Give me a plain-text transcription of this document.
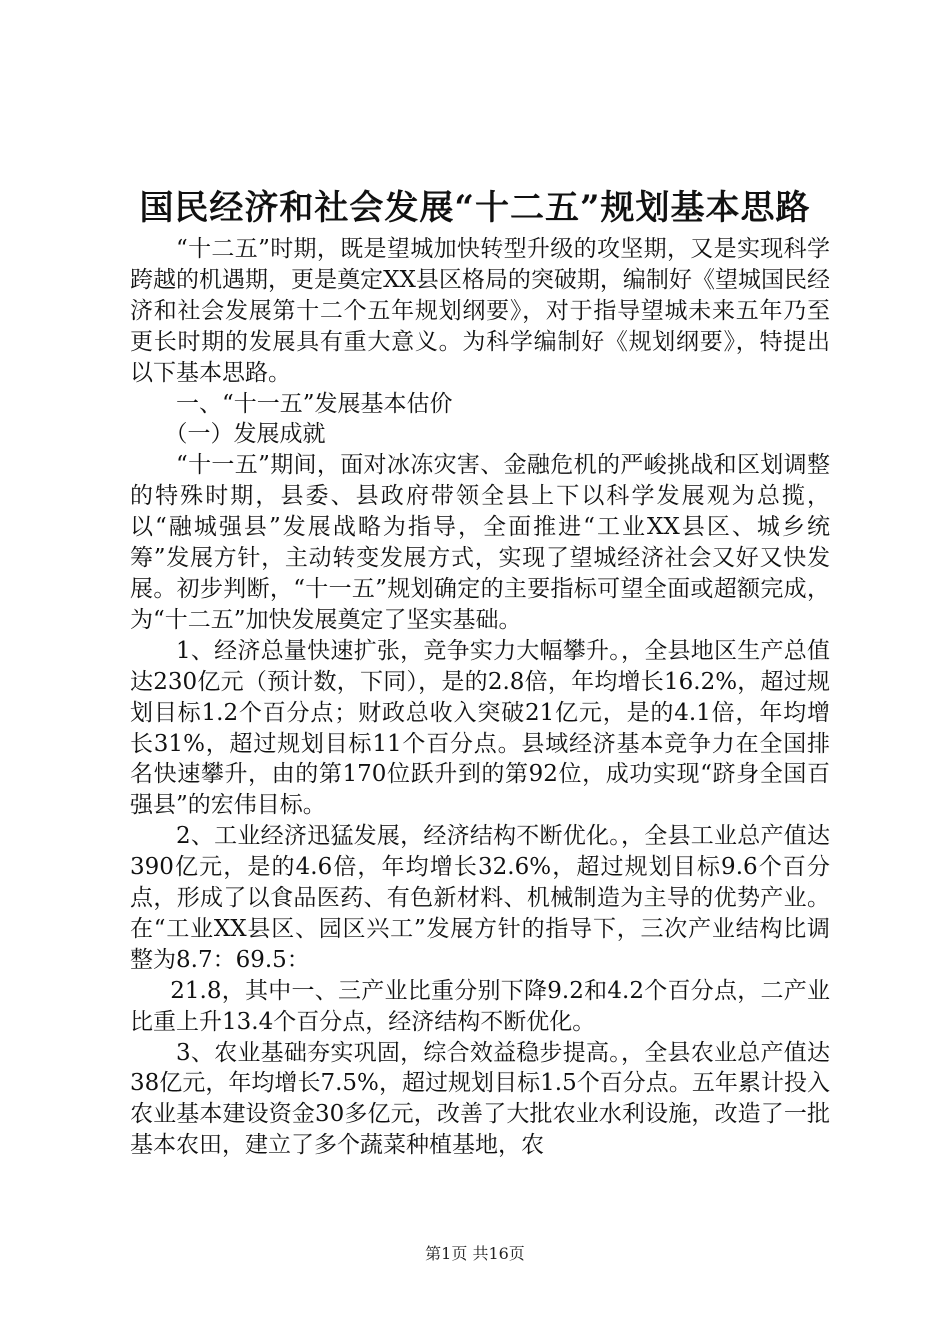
国民经济和社会发展“十二五”规划基本思路

“十二五”时期，既是望城加快转型升级的攻坚期，又是实现科学跨越的机遇期，更是奠定XX县区格局的突破期，编制好《望城国民经济和社会发展第十二个五年规划纲要》，对于指导望城未来五年乃至更长时期的发展具有重大意义。为科学编制好《规划纲要》，特提出以下基本思路。

一、“十一五”发展基本估价

（一）发展成就

“十一五”期间，面对冰冻灾害、金融危机的严峻挑战和区划调整的特殊时期，县委、县政府带领全县上下以科学发展观为总揽，以“融城强县”发展战略为指导，全面推进“工业XX县区、城乡统筹”发展方针，主动转变发展方式，实现了望城经济社会又好又快发展。初步判断，“十一五”规划确定的主要指标可望全面或超额完成，为“十二五”加快发展奠定了坚实基础。

1、经济总量快速扩张，竞争实力大幅攀升。，全县地区生产总值达230亿元（预计数，下同），是的2.8倍，年均增长16.2%，超过规划目标1.2个百分点；财政总收入突破21亿元，是的4.1倍，年均增长31%，超过规划目标11个百分点。县域经济基本竞争力在全国排名快速攀升，由的第170位跃升到的第92位，成功实现“跻身全国百强县”的宏伟目标。

2、工业经济迅猛发展，经济结构不断优化。，全县工业总产值达390亿元，是的4.6倍，年均增长32.6%，超过规划目标9.6个百分点，形成了以食品医药、有色新材料、机械制造为主导的优势产业。在“工业XX县区、园区兴工”发展方针的指导下，三次产业结构比调整为8.7：69.5：

21.8，其中一、三产业比重分别下降9.2和4.2个百分点，二产业比重上升13.4个百分点，经济结构不断优化。

3、农业基础夯实巩固，综合效益稳步提高。，全县农业总产值达38亿元，年均增长7.5%，超过规划目标1.5个百分点。五年累计投入农业基本建设资金30多亿元，改善了大批农业水利设施，改造了一批基本农田，建立了多个蔬菜种植基地，农

第1页 共16页
